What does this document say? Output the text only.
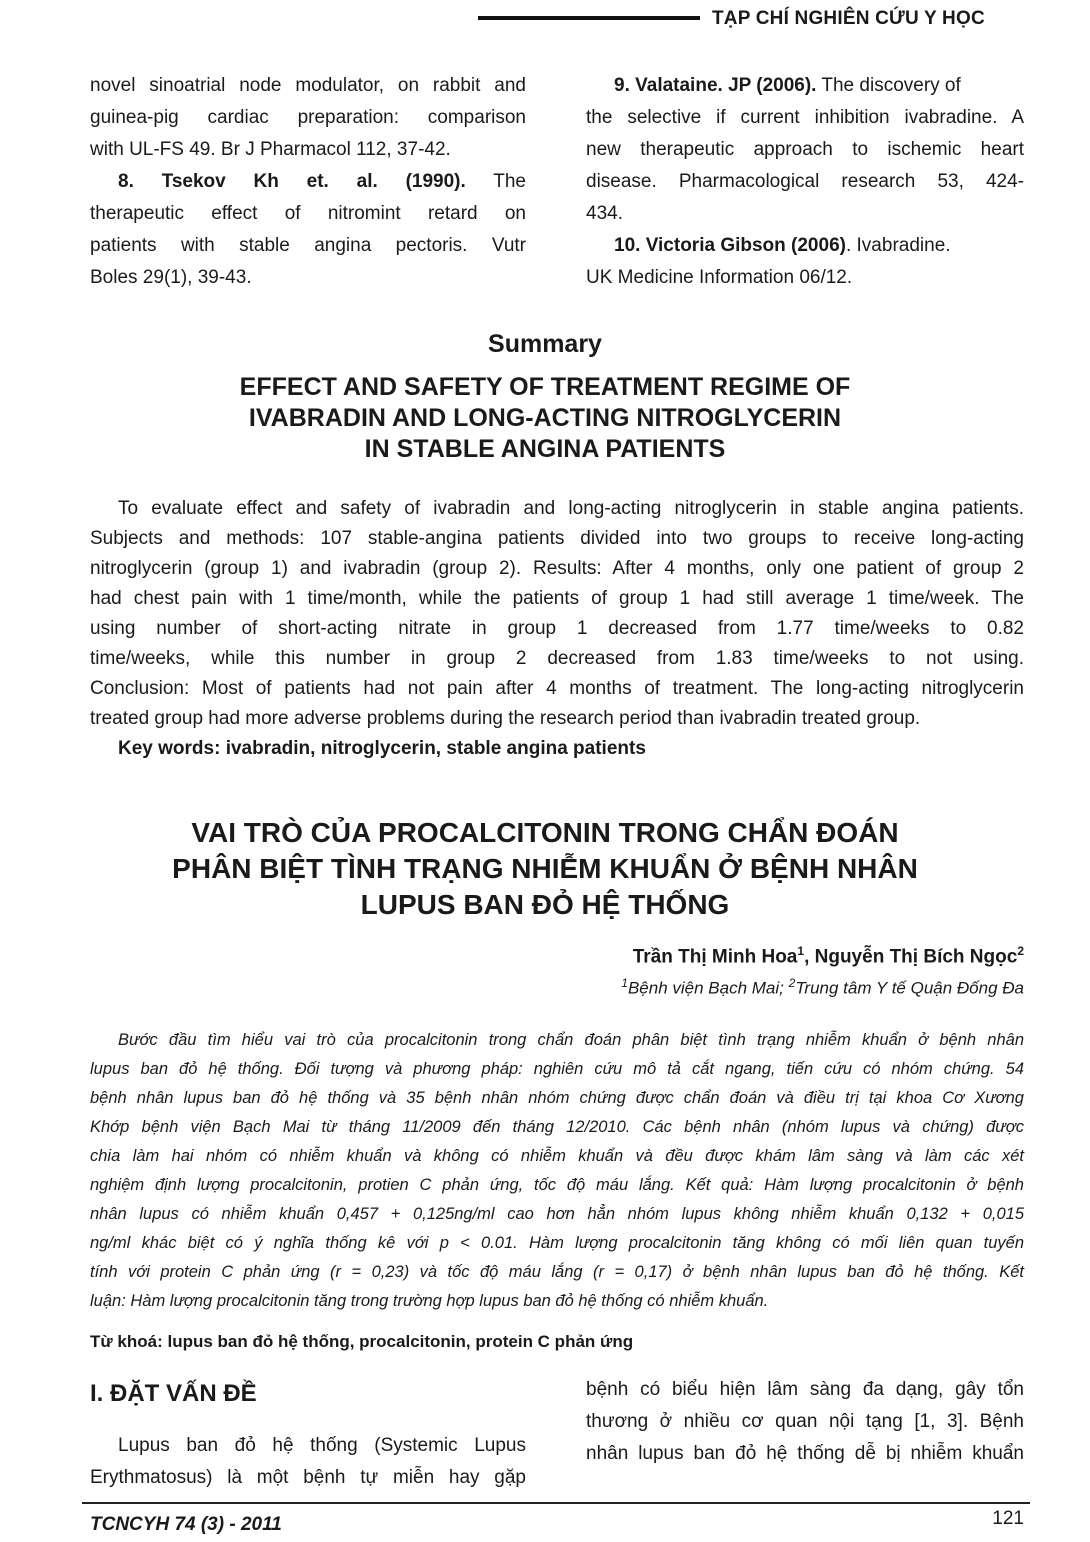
TẠP CHÍ NGHIÊN CỨU Y HỌC
novel sinoatrial node modulator, on rabbit and
guinea-pig cardiac preparation: comparison
with UL-FS 49. Br J Pharmacol 112, 37-42.
8. Tsekov Kh et. al. (1990). The
therapeutic effect of nitromint retard on
patients with stable angina pectoris. Vutr
Boles 29(1), 39-43.
9. Valataine. JP (2006). The discovery of
the selective if current inhibition ivabradine. A
new therapeutic approach to ischemic heart
disease. Pharmacological research 53, 424-
434.
10. Victoria Gibson (2006). Ivabradine.
UK Medicine Information 06/12.
Summary
EFFECT AND SAFETY OF TREATMENT REGIME OF
IVABRADIN AND LONG-ACTING NITROGLYCERIN
IN STABLE ANGINA PATIENTS
To evaluate effect and safety of ivabradin and long-acting nitroglycerin in stable angina patients.
Subjects and methods: 107 stable-angina patients divided into two groups to receive long-acting
nitroglycerin (group 1) and ivabradin (group 2). Results: After 4 months, only one patient of group 2
had chest pain with 1 time/month, while the patients of group 1 had still average 1 time/week. The
using number of short-acting nitrate in group 1 decreased from 1.77 time/weeks to 0.82
time/weeks, while this number in group 2 decreased from 1.83 time/weeks to not using.
Conclusion: Most of patients had not pain after 4 months of treatment. The long-acting nitroglycerin
treated group had more adverse problems during the research period than ivabradin treated group.
Key words: ivabradin, nitroglycerin, stable angina patients
VAI TRÒ CỦA PROCALCITONIN TRONG CHẨN ĐOÁN
PHÂN BIỆT TÌNH TRẠNG NHIỄM KHUẨN Ở BỆNH NHÂN
LUPUS BAN ĐỎ HỆ THỐNG
Trần Thị Minh Hoa$^1$, Nguyễn Thị Bích Ngọc$^2$
$^1$Bệnh viện Bạch Mai; $^2$Trung tâm Y tế Quận Đống Đa
Bước đầu tìm hiểu vai trò của procalcitonin trong chẩn đoán phân biệt tình trạng nhiễm khuẩn ở bệnh nhân
lupus ban đỏ hệ thống. Đối tượng và phương pháp: nghiên cứu mô tả cắt ngang, tiến cứu có nhóm chứng. 54
bệnh nhân lupus ban đỏ hệ thống và 35 bệnh nhân nhóm chứng được chẩn đoán và điều trị tại khoa Cơ Xương
Khớp bệnh viện Bạch Mai từ tháng 11/2009 đến tháng 12/2010. Các bệnh nhân (nhóm lupus và chứng) được
chia làm hai nhóm có nhiễm khuẩn và không có nhiễm khuẩn và đều được khám lâm sàng và làm các xét
nghiệm định lượng procalcitonin, protien C phản ứng, tốc độ máu lắng. Kết quả: Hàm lượng procalcitonin ở bệnh
nhân lupus có nhiễm khuẩn 0,457 + 0,125ng/ml cao hơn hẳn nhóm lupus không nhiễm khuẩn 0,132 + 0,015
ng/ml khác biệt có ý nghĩa thống kê với p < 0.01. Hàm lượng procalcitonin tăng không có mối liên quan tuyến
tính với protein C phản ứng (r = 0,23) và tốc độ máu lắng (r = 0,17) ở bệnh nhân lupus ban đỏ hệ thống. Kết
luận: Hàm lượng procalcitonin tăng trong trường hợp lupus ban đỏ hệ thống có nhiễm khuẩn.
Từ khoá: lupus ban đỏ hệ thống, procalcitonin, protein C phản ứng
I. ĐẶT VẤN ĐỀ
Lupus ban đỏ hệ thống (Systemic Lupus
Erythmatosus) là một bệnh tự miễn hay gặp
bệnh có biểu hiện lâm sàng đa dạng, gây tổn
thương ở nhiều cơ quan nội tạng [1, 3]. Bệnh
nhân lupus ban đỏ hệ thống dễ bị nhiễm khuẩn
TCNCYH 74 (3) - 2011	121
